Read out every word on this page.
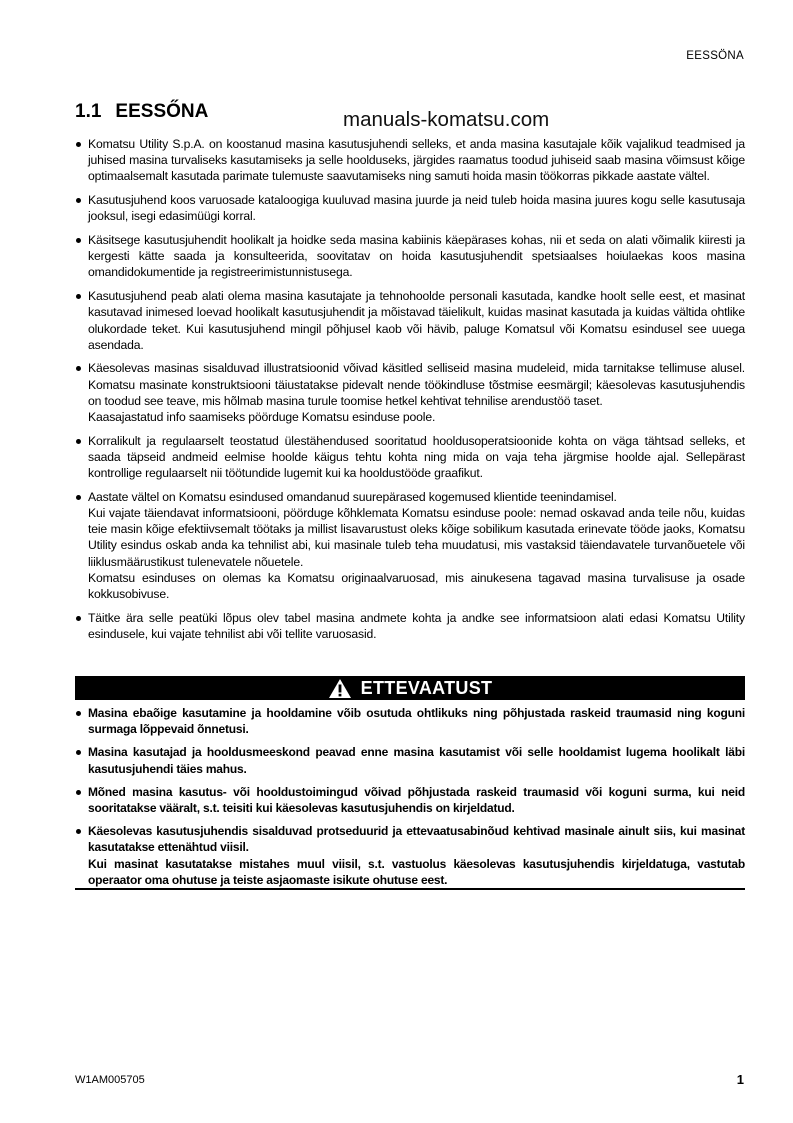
EESSÖNA
1.1 EESSŐNA	manuals-komatsu.com

Komatsu Utility S.p.A. on koostanud masina kasutusjuhendi selleks, et anda masina kasutajale kõik vajalikud teadmised ja juhised masina turvaliseks kasutamiseks ja selle hoolduseks, järgides raamatus toodud juhiseid saab masina võimsust kõige optimaalsemalt kasutada parimate tulemuste saavutamiseks ning samuti hoida masin töökorras pikkade aastate vältel.

Kasutusjuhend koos varuosade kataloogiga kuuluvad masina juurde ja neid tuleb hoida masina juures kogu selle kasutusaja jooksul, isegi edasimüügi korral.

Käsitsege kasutusjuhendit hoolikalt ja hoidke seda masina kabiinis käepärases kohas, nii et seda on alati võimalik kiiresti ja kergesti kätte saada ja konsulteerida, soovitatav on hoida kasutusjuhendit spetsiaalses hoiulaekas koos masina omandidokumentide ja registreerimistunnistusega.

Kasutusjuhend peab alati olema masina kasutajate ja tehnohoolde personali kasutada, kandke hoolt selle eest, et masinat kasutavad inimesed loevad hoolikalt kasutusjuhendit ja mõistavad täielikult, kuidas masinat kasutada ja kuidas vältida ohtlike olukordade teket. Kui kasutusjuhend mingil põhjusel kaob või hävib, paluge Komatsul või Komatsu esindusel see uuega asendada.

Käesolevas masinas sisalduvad illustratsioonid võivad käsitled selliseid masina mudeleid, mida tarnitakse tellimuse alusel. Komatsu masinate konstruktsiooni täiustatakse pidevalt nende töökindluse tõstmise eesmärgil; käesolevas kasutusjuhendis on toodud see teave, mis hõlmab masina turule toomise hetkel kehtivat tehnilise arendustöö taset.

Kaasajastatud info saamiseks pöörduge Komatsu esinduse poole.

Korralikult ja regulaarselt teostatud ülestähendused sooritatud hooldusoperatsioonide kohta on väga tähtsad selleks, et saada täpseid andmeid eelmise hoolde käigus tehtu kohta ning mida on vaja teha järgmise hoolde ajal. Sellepärast kontrollige regulaarselt nii töötundide lugemit kui ka hooldustööde graafikut.

Aastate vältel on Komatsu esindused omandanud suurepärased kogemused klientide teenindamisel.

Kui vajate täiendavat informatsiooni, pöörduge kõhklemata Komatsu esinduse poole: nemad oskavad anda teile nõu, kuidas teie masin kõige efektiivsemalt töötaks ja millist lisavarustust oleks kõige sobilikum kasutada erinevate tööde jaoks, Komatsu Utility esindus oskab anda ka tehnilist abi, kui masinale tuleb teha muudatusi, mis vastaksid täiendavatele turvanõuetele või liiklusmäärustikust tulenevatele nõuetele.

Komatsu esinduses on olemas ka Komatsu originaalvaruosad, mis ainukesena tagavad masina turvalisuse ja osade kokkusobivuse.

Täitke ära selle peatüki lõpus olev tabel masina andmete kohta ja andke see informatsioon alati edasi Komatsu Utility esindusele, kui vajate tehnilist abi või tellite varuosasid.

ETTEVAATUST

Masina ebaõige kasutamine ja hooldamine võib osutuda ohtlikuks ning põhjustada raskeid traumasid ning koguni surmaga lõppevaid õnnetusi.

Masina kasutajad ja hooldusmeeskond peavad enne masina kasutamist või selle hooldamist lugema hoolikalt läbi kasutusjuhendi täies mahus.

Mõned masina kasutus- või hooldustoimingud võivad põhjustada raskeid traumasid või koguni surma, kui neid sooritatakse vääralt, s.t. teisiti kui käesolevas kasutusjuhendis on kirjeldatud.

Käesolevas kasutusjuhendis sisalduvad protseduurid ja ettevaatusabinõud kehtivad masinale ainult siis, kui masinat kasutatakse ettenähtud viisil.

Kui masinat kasutatakse mistahes muul viisil, s.t. vastuolus käesolevas kasutusjuhendis kirjeldatuga, vastutab operaator oma ohutuse ja teiste asjaomaste isikute ohutuse eest.

W1AM005705	1
